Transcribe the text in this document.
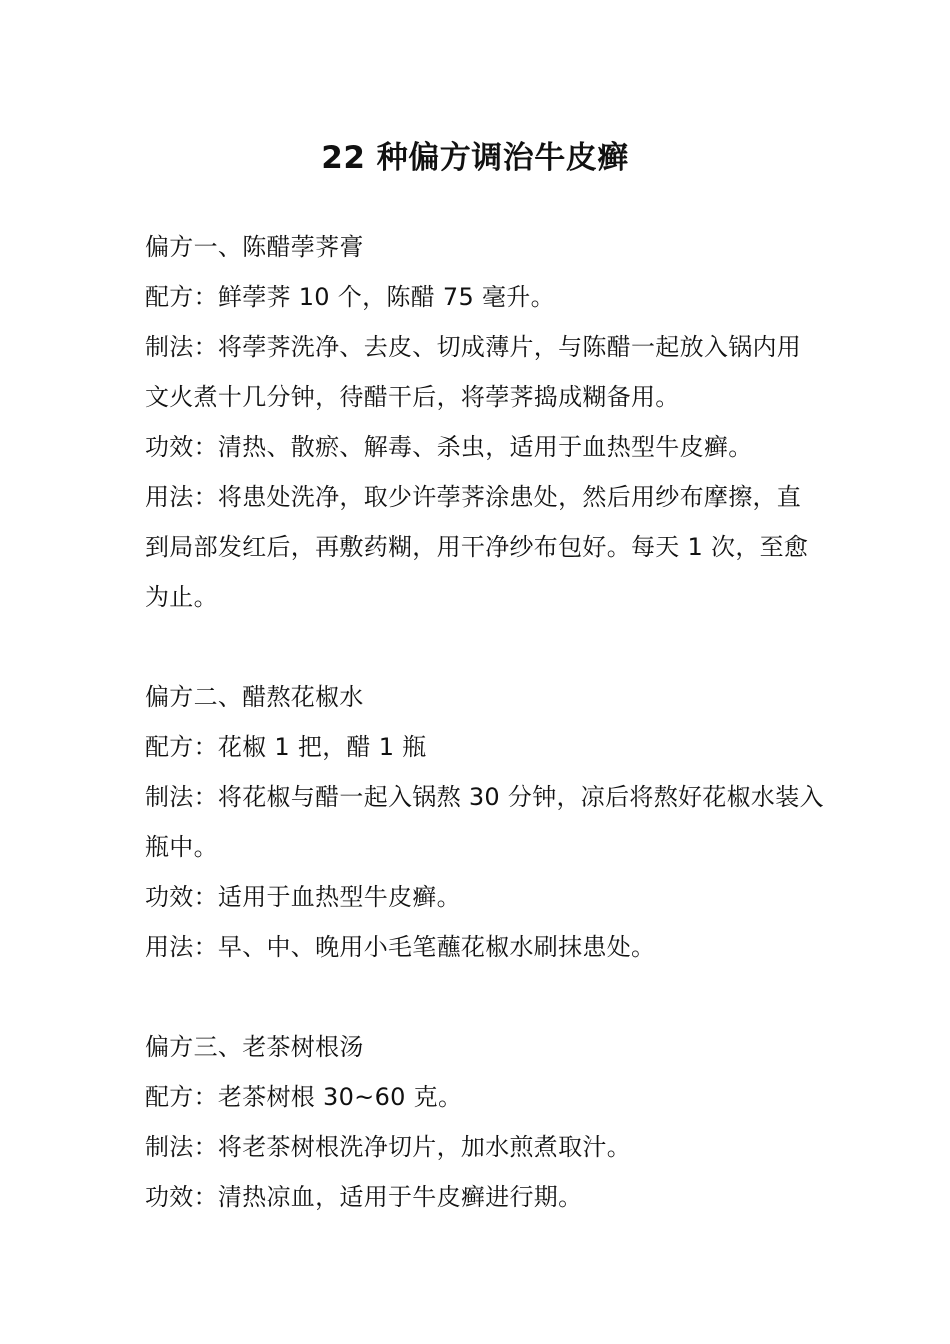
22 种偏方调治牛皮癣

偏方一、陈醋荸荠膏

配方：鲜荸荠 10 个，陈醋 75 毫升。

制法：将荸荠洗净、去皮、切成薄片，与陈醋一起放入锅内用文火煮十几分钟，待醋干后，将荸荠捣成糊备用。

功效：清热、散瘀、解毒、杀虫，适用于血热型牛皮癣。

用法：将患处洗净，取少许荸荠涂患处，然后用纱布摩擦，直到局部发红后，再敷药糊，用干净纱布包好。每天 1 次，至愈为止。

偏方二、醋熬花椒水

配方：花椒 1 把，醋 1 瓶

制法：将花椒与醋一起入锅熬 30 分钟，凉后将熬好花椒水装入瓶中。

功效：适用于血热型牛皮癣。

用法：早、中、晚用小毛笔蘸花椒水刷抹患处。

偏方三、老茶树根汤

配方：老茶树根 30~60 克。

制法：将老茶树根洗净切片，加水煎煮取汁。

功效：清热凉血，适用于牛皮癣进行期。
